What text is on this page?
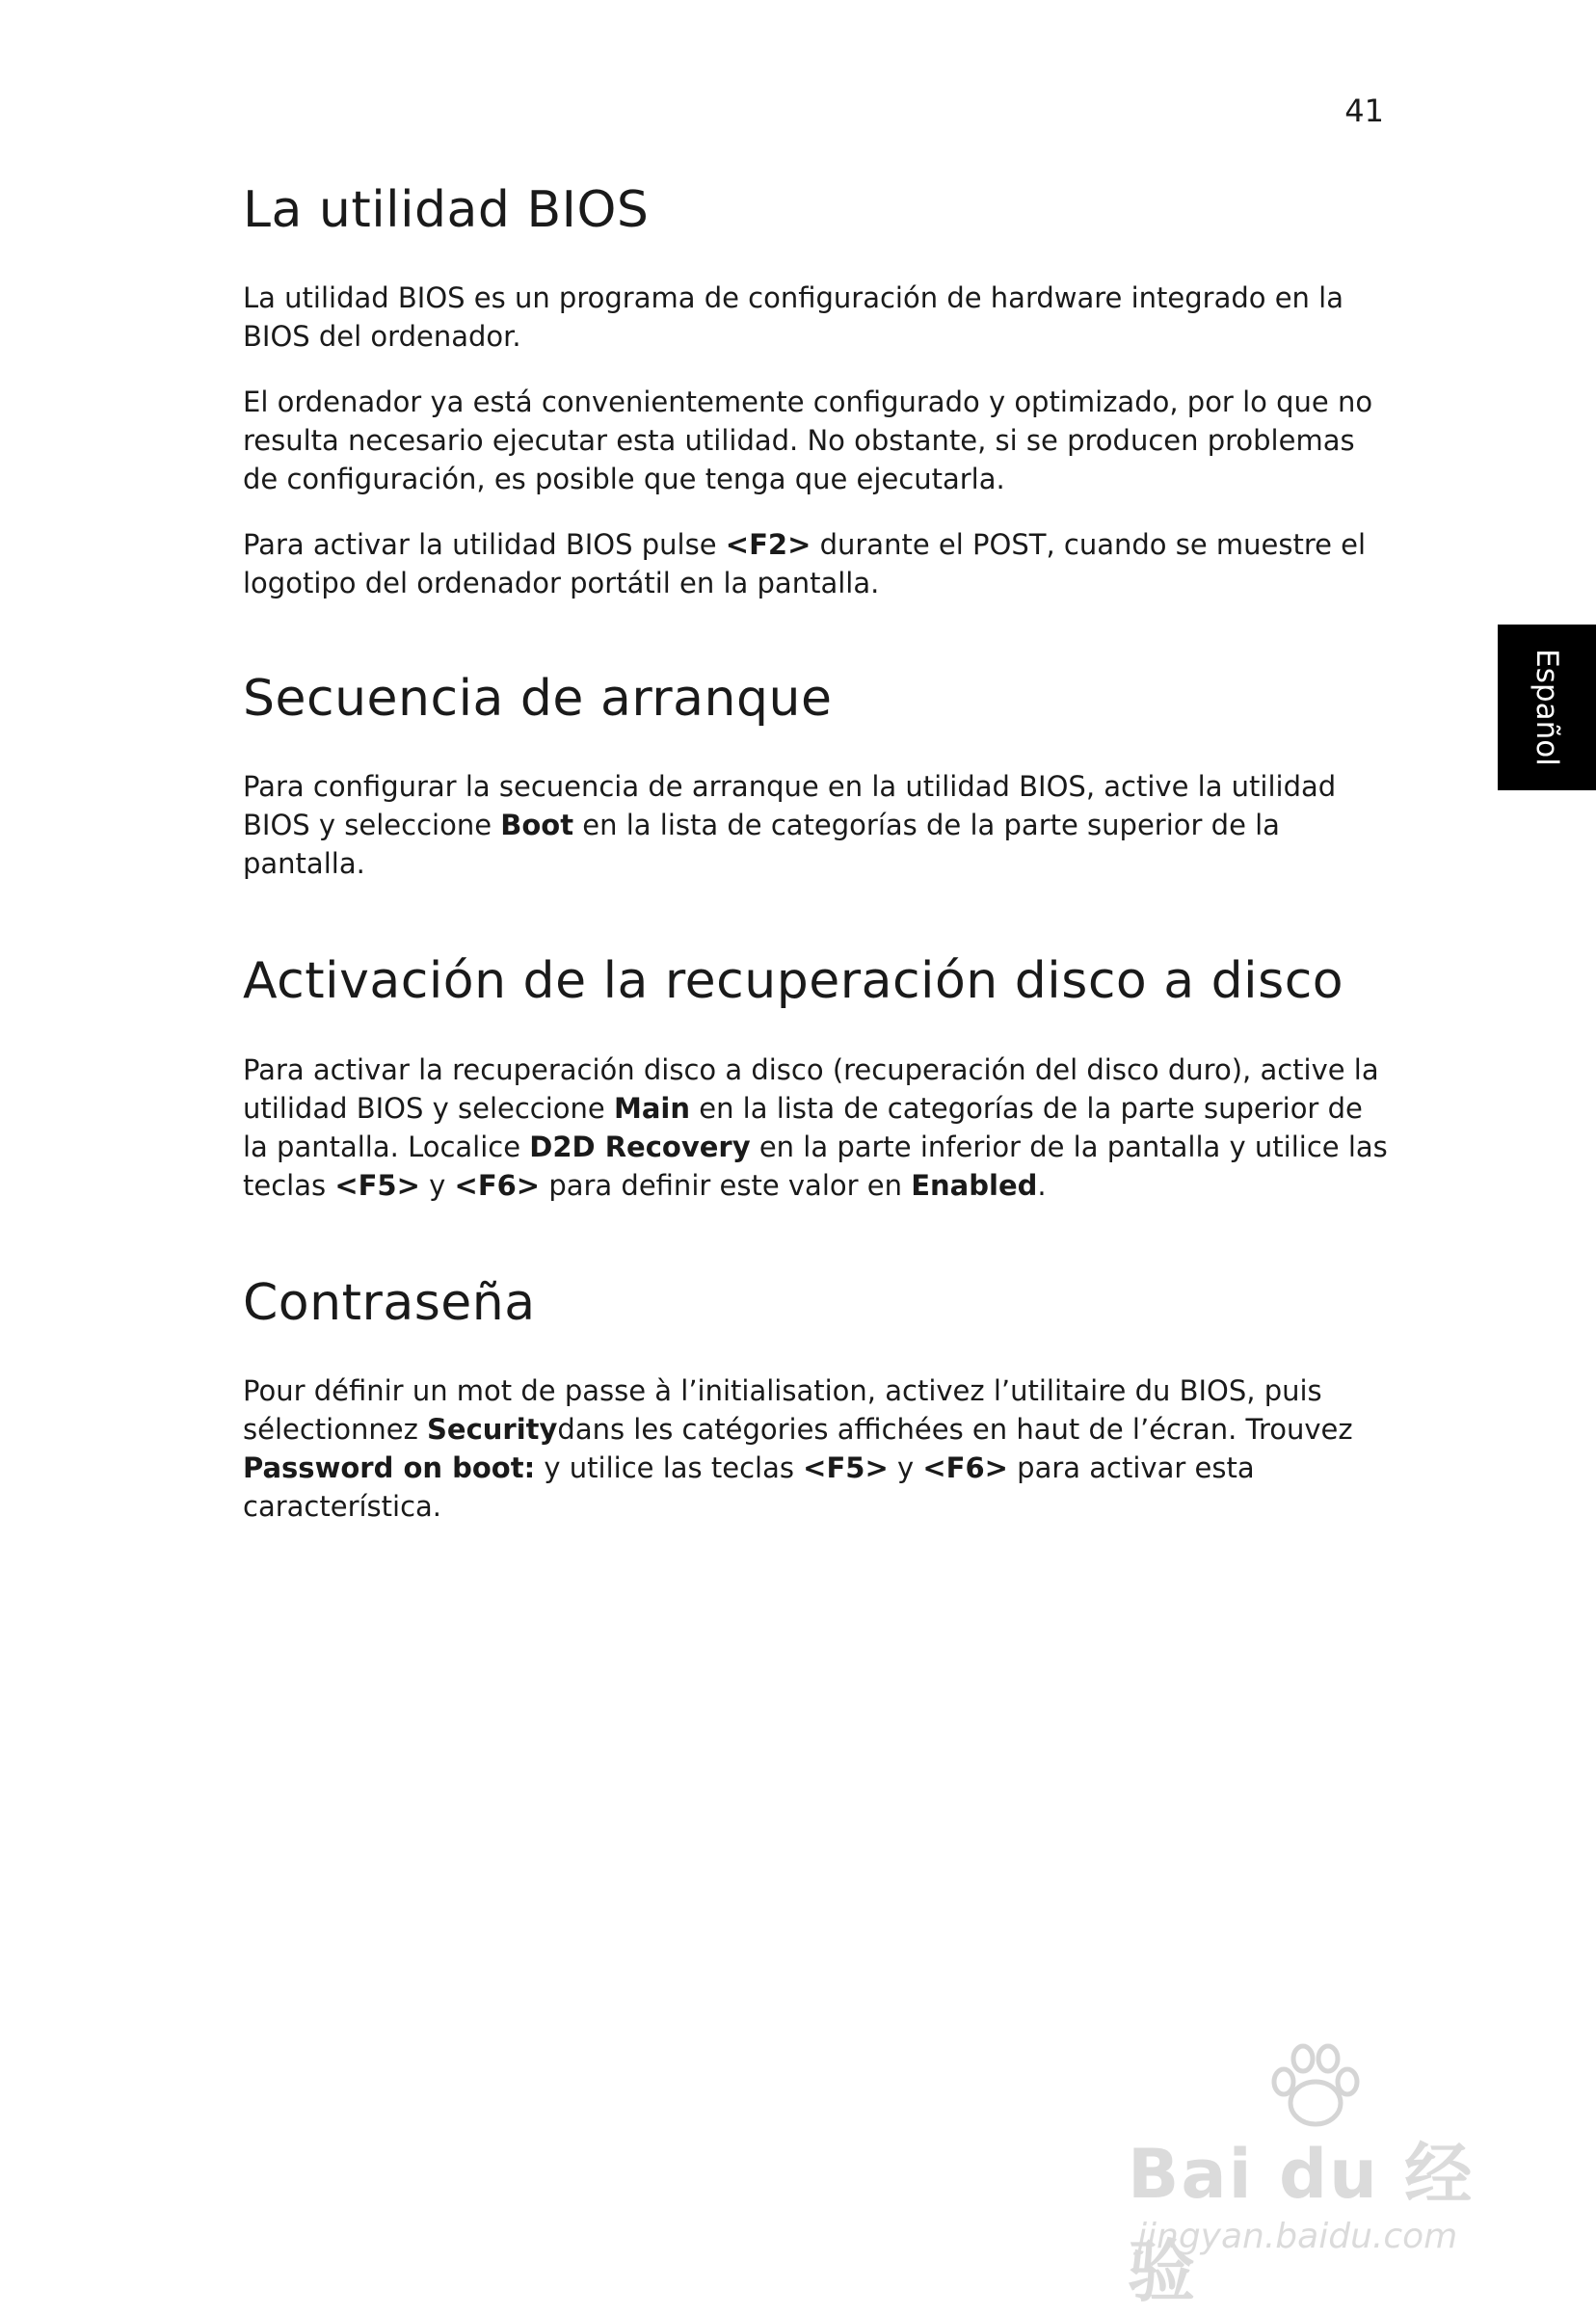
41
Español
La utilidad BIOS

La utilidad BIOS es un programa de configuración de hardware integrado en la BIOS del ordenador.

El ordenador ya está convenientemente configurado y optimizado, por lo que no resulta necesario ejecutar esta utilidad. No obstante, si se producen problemas de configuración, es posible que tenga que ejecutarla.

Para activar la utilidad BIOS pulse <F2> durante el POST, cuando se muestre el logotipo del ordenador portátil en la pantalla.

Secuencia de arranque

Para configurar la secuencia de arranque en la utilidad BIOS, active la utilidad BIOS y seleccione Boot en la lista de categorías de la parte superior de la pantalla.

Activación de la recuperación disco a disco

Para activar la recuperación disco a disco (recuperación del disco duro), active la utilidad BIOS y seleccione Main en la lista de categorías de la parte superior de la pantalla. Localice D2D Recovery en la parte inferior de la pantalla y utilice las teclas <F5> y <F6> para definir este valor en Enabled.

Contraseña

Pour définir un mot de passe à l’initialisation, activez l’utilitaire du BIOS, puis sélectionnez Securitydans les catégories affichées en haut de l’écran. Trouvez Password on boot: y utilice las teclas <F5> y <F6> para activar esta característica.

Bai du 经验
jingyan.baidu.com
